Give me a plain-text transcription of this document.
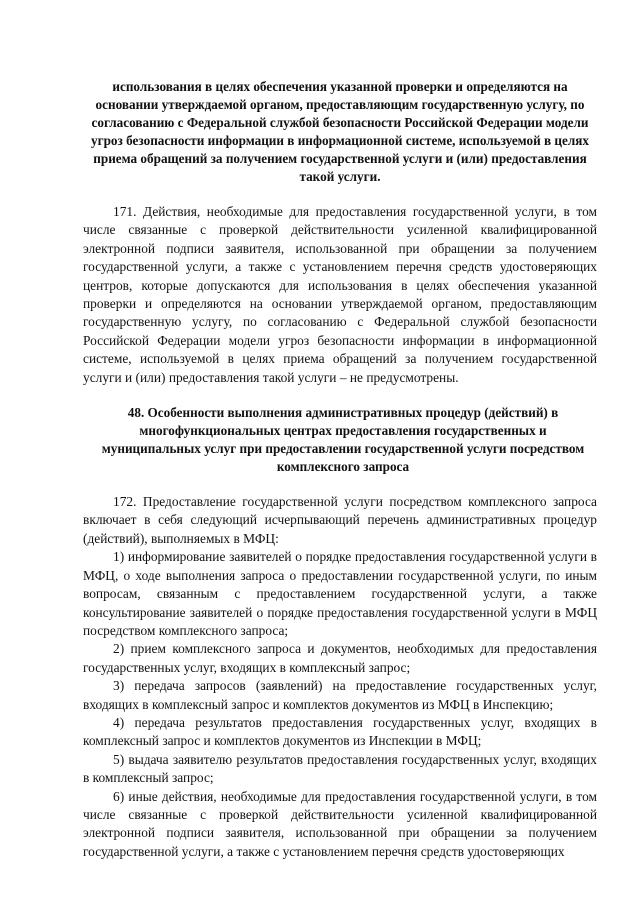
использования в целях обеспечения указанной проверки и определяются на основании утверждаемой органом, предоставляющим государственную услугу, по согласованию с Федеральной службой безопасности Российской Федерации модели угроз безопасности информации в информационной системе, используемой в целях приема обращений за получением государственной услуги и (или) предоставления такой услуги.

171. Действия, необходимые для предоставления государственной услуги, в том числе связанные с проверкой действительности усиленной квалифицированной электронной подписи заявителя, использованной при обращении за получением государственной услуги, а также с установлением перечня средств удостоверяющих центров, которые допускаются для использования в целях обеспечения указанной проверки и определяются на основании утверждаемой органом, предоставляющим государственную услугу, по согласованию с Федеральной службой безопасности Российской Федерации модели угроз безопасности информации в информационной системе, используемой в целях приема обращений за получением государственной услуги и (или) предоставления такой услуги – не предусмотрены.

48. Особенности выполнения административных процедур (действий) в многофункциональных центрах предоставления государственных и муниципальных услуг при предоставлении государственной услуги посредством комплексного запроса

172. Предоставление государственной услуги посредством комплексного запроса включает в себя следующий исчерпывающий перечень административных процедур (действий), выполняемых в МФЦ:

1) информирование заявителей о порядке предоставления государственной услуги в МФЦ, о ходе выполнения запроса о предоставлении государственной услуги, по иным вопросам, связанным с предоставлением государственной услуги, а также консультирование заявителей о порядке предоставления государственной услуги в МФЦ посредством комплексного запроса;

2) прием комплексного запроса и документов, необходимых для предоставления государственных услуг, входящих в комплексный запрос;

3) передача запросов (заявлений) на предоставление государственных услуг, входящих в комплексный запрос и комплектов документов из МФЦ в Инспекцию;

4) передача результатов предоставления государственных услуг, входящих в комплексный запрос и комплектов документов из Инспекции в МФЦ;

5) выдача заявителю результатов предоставления государственных услуг, входящих в комплексный запрос;

6) иные действия, необходимые для предоставления государственной услуги, в том числе связанные с проверкой действительности усиленной квалифицированной электронной подписи заявителя, использованной при обращении за получением государственной услуги, а также с установлением перечня средств удостоверяющих
